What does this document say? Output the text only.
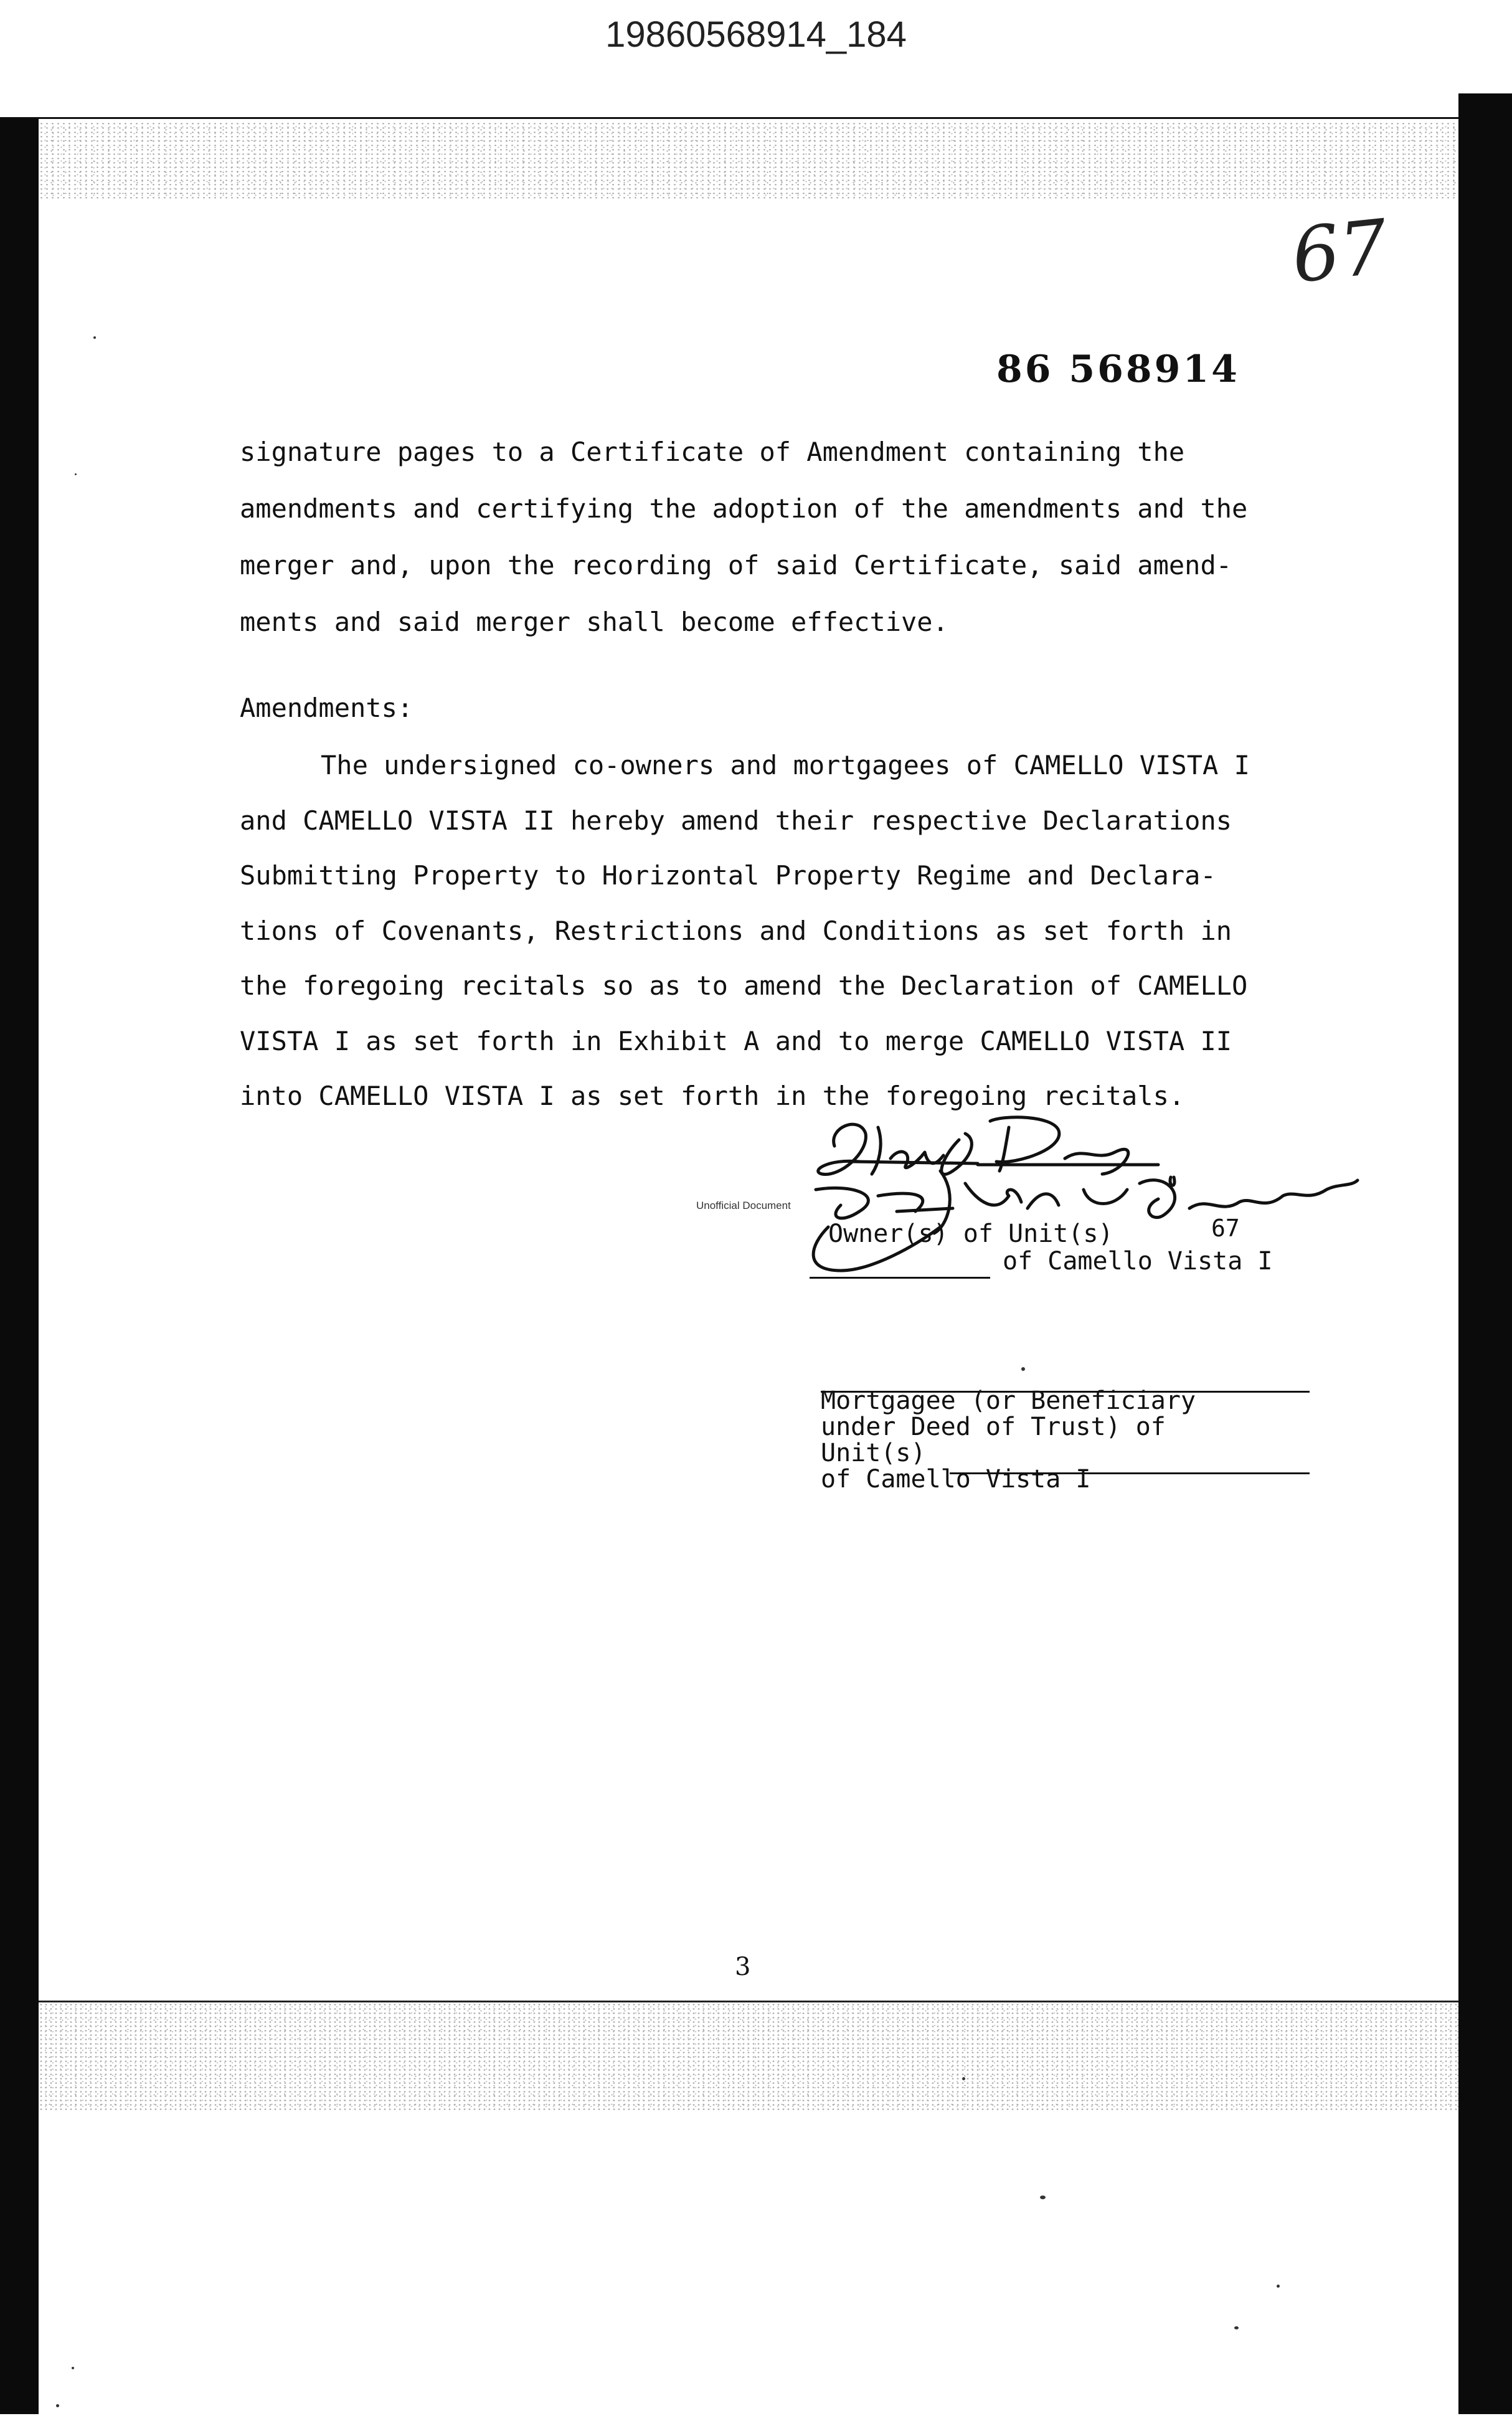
19860568914_184
67
86 568914
signature pages to a Certificate of Amendment containing the
amendments and certifying the adoption of the amendments and the
merger and, upon the recording of said Certificate, said amend-
ments and said merger shall become effective.
Amendments:
The undersigned co-owners and mortgagees of CAMELLO VISTA I
and CAMELLO VISTA II hereby amend their respective Declarations
Submitting Property to Horizontal Property Regime and Declara-
tions of Covenants, Restrictions and Conditions as set forth in
the foregoing recitals so as to amend the Declaration of CAMELLO
VISTA I as set forth in Exhibit A and to merge CAMELLO VISTA II
into CAMELLO VISTA I as set forth in the foregoing recitals.
Unofficial Document
Owner(s) of Unit(s)	67
of Camello Vista I
Mortgagee (or Beneficiary
under Deed of Trust) of
Unit(s)
of Camello Vista I
3
